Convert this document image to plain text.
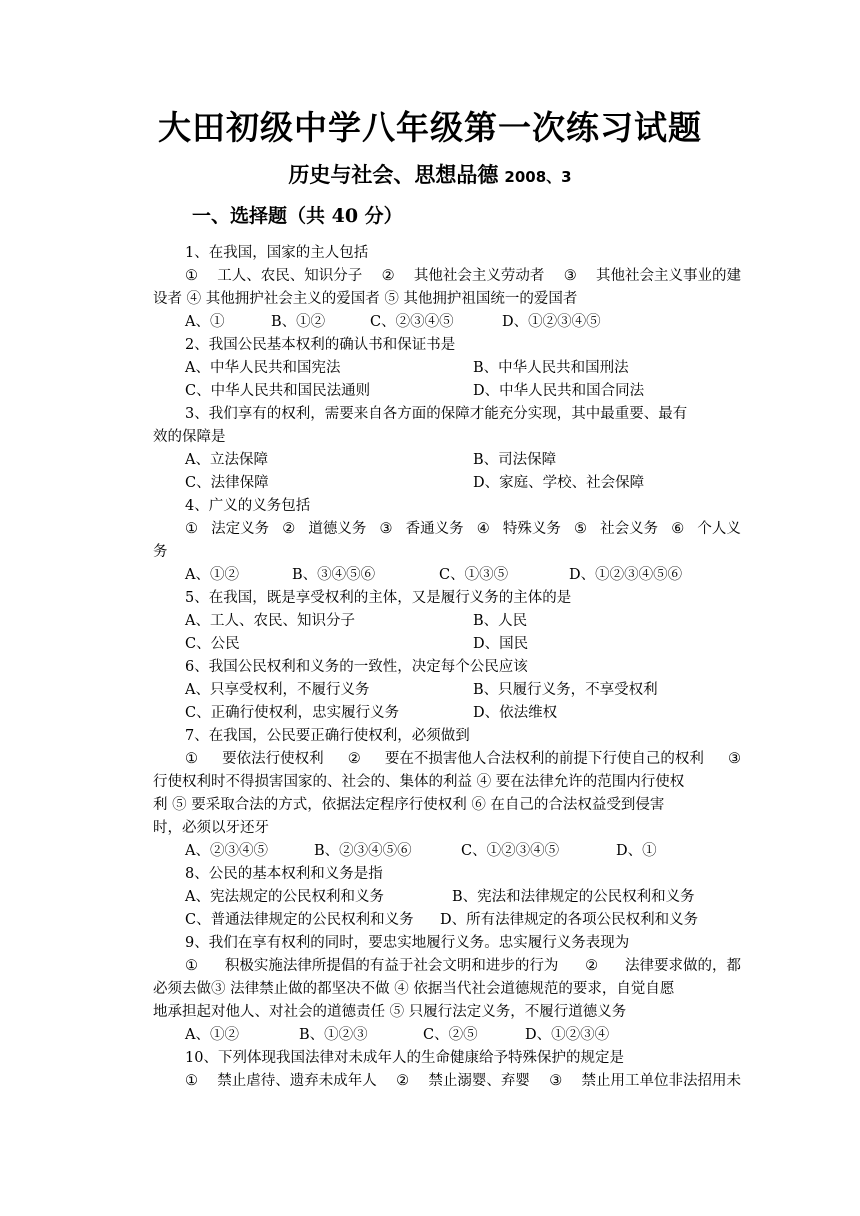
大田初级中学八年级第一次练习试题
历史与社会、思想品德 2008、3
一、选择题（共 40 分）
1、在我国，国家的主人包括
① 工人、农民、知识分子 ② 其他社会主义劳动者 ③ 其他社会主义事业的建
设者 ④ 其他拥护社会主义的爱国者 ⑤ 其他拥护祖国统一的爱国者
A、①	B、①②	C、②③④⑤	D、①②③④⑤
2、我国公民基本权利的确认书和保证书是
A、中华人民共和国宪法	B、中华人民共和国刑法
C、中华人民共和国民法通则	D、中华人民共和国合同法
3、我们享有的权利，需要来自各方面的保障才能充分实现，其中最重要、最有
效的保障是
A、立法保障	B、司法保障
C、法律保障	D、家庭、学校、社会保障
4、广义的义务包括
① 法定义务 ② 道德义务 ③ 香通义务 ④ 特殊义务 ⑤ 社会义务 ⑥ 个人义
务
A、①②	B、③④⑤⑥	C、①③⑤	D、①②③④⑤⑥
5、在我国，既是享受权利的主体，又是履行义务的主体的是
A、工人、农民、知识分子	B、人民
C、公民	D、国民
6、我国公民权利和义务的一致性，决定每个公民应该
A、只享受权利，不履行义务	B、只履行义务，不享受权利
C、正确行使权利，忠实履行义务	D、依法维权
7、在我国，公民要正确行使权利，必须做到
① 要依法行使权利 ② 要在不损害他人合法权利的前提下行使自己的权利 ③
行使权利时不得损害国家的、社会的、集体的利益 ④ 要在法律允许的范围内行使权
利 ⑤ 要采取合法的方式，依据法定程序行使权利 ⑥ 在自己的合法权益受到侵害
时，必须以牙还牙
A、②③④⑤	B、②③④⑤⑥	C、①②③④⑤	D、①
8、公民的基本权利和义务是指
A、宪法规定的公民权利和义务	B、宪法和法律规定的公民权利和义务
C、普通法律规定的公民权利和义务 D、所有法律规定的各项公民权利和义务
9、我们在享有权利的同时，要忠实地履行义务。忠实履行义务表现为
① 积极实施法律所提倡的有益于社会文明和进步的行为 ② 法律要求做的，都
必须去做③ 法律禁止做的都坚决不做 ④ 依据当代社会道德规范的要求，自觉自愿
地承担起对他人、对社会的道德责任 ⑤ 只履行法定义务，不履行道德义务
A、①②	B、①②③	C、②⑤	D、①②③④
10、下列体现我国法律对未成年人的生命健康给予特殊保护的规定是
① 禁止虐待、遗弃未成年人 ② 禁止溺婴、弃婴 ③ 禁止用工单位非法招用未
